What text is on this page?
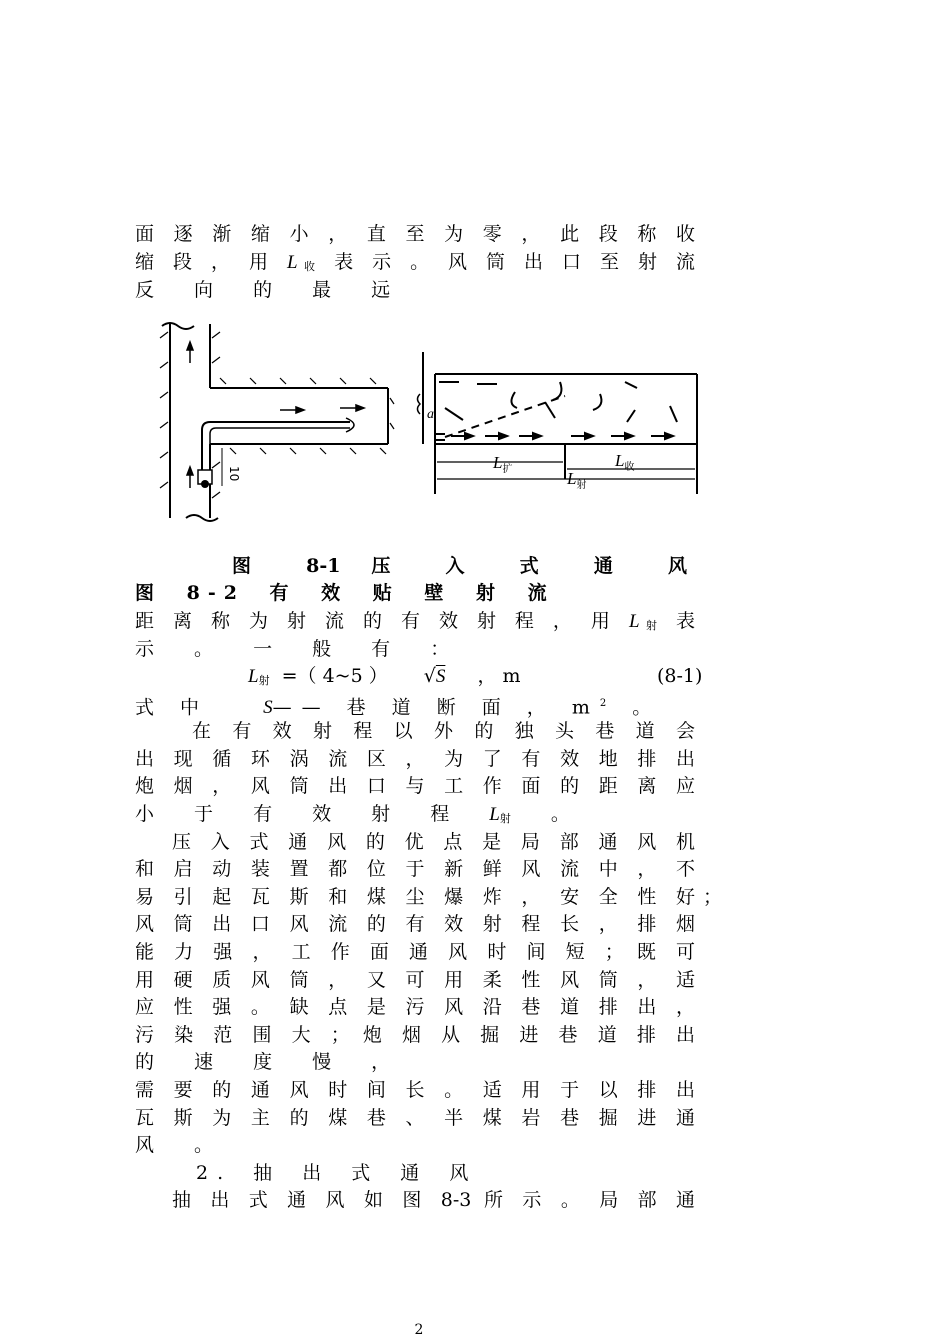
面 逐 渐 缩 小 ， 直 至 为 零 ， 此 段 称 收
缩 段 ， 用 L收 表 示 。 风 筒 出 口 至 射 流
反 向 的 最 远
10
a
$L_扩$	$L_收$
$L_射$
图 8-1 压 入 式 通 风
图 8-2 有 效 贴 壁 射 流
距 离 称 为 射 流 的 有 效 射 程 ， 用 L射 表
示 。 一 般 有 ：
L射 =（ 4~5 ） √S ， m	(8-1)
式 中	S—— 巷 道 断 面 ， $m^2$ 。
在 有 效 射 程 以 外 的 独 头 巷 道 会
出 现 循 环 涡 流 区 ， 为 了 有 效 地 排 出
炮 烟 ， 风 筒 出 口 与 工 作 面 的 距 离 应
小 于 有 效 射 程 L射 。
压 入 式 通 风 的 优 点 是 局 部 通 风 机
和 启 动 装 置 都 位 于 新 鲜 风 流 中 ， 不
易 引 起 瓦 斯 和 煤 尘 爆 炸 ， 安 全 性 好 ；
风 筒 出 口 风 流 的 有 效 射 程 长 ， 排 烟
能 力 强 ， 工 作 面 通 风 时 间 短 ； 既 可
用 硬 质 风 筒 ， 又 可 用 柔 性 风 筒 ， 适
应 性 强 。 缺 点 是 污 风 沿 巷 道 排 出 ，
污 染 范 围 大 ； 炮 烟 从 掘 进 巷 道 排 出
的 速 度 慢 ，
需 要 的 通 风 时 间 长 。 适 用 于 以 排 出
瓦 斯 为 主 的 煤 巷 、 半 煤 岩 巷 掘 进 通
风 。
2. 抽 出 式 通 风
抽 出 式 通 风 如 图 8-3 所 示 。 局 部 通
2
